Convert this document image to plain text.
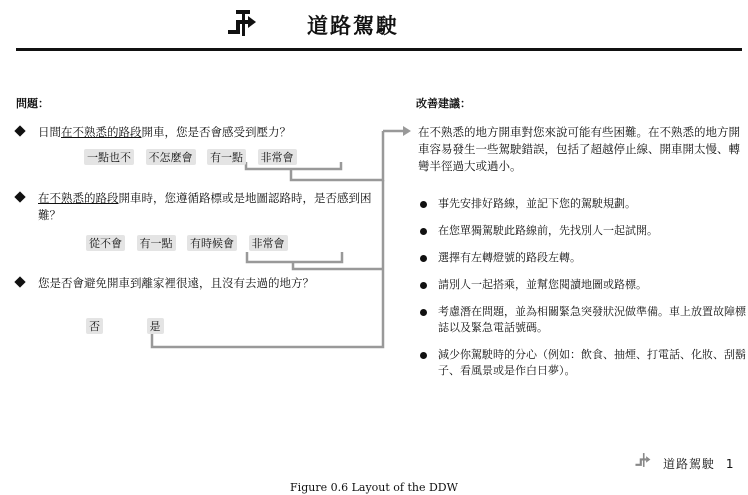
道路駕駛
問題：
日間在不熟悉的路段開車，您是否會感受到壓力？
一點也不 不怎麼會 有一點 非常會
在不熟悉的路段開車時，您遵循路標或是地圖認路時，是否感到困難？
從不會 有一點 有時候會 非常會
您是否會避免開車到離家裡很遠，且沒有去過的地方？
否	是
改善建議：
在不熟悉的地方開車對您來說可能有些困難。在不熟悉的地方開車容易發生一些駕駛錯誤，包括了超越停止線、開車開太慢、轉彎半徑過大或過小。
事先安排好路線，並記下您的駕駛規劃。
在您單獨駕駛此路線前，先找別人一起試開。
選擇有左轉燈號的路段左轉。
請別人一起搭乘，並幫您閱讀地圖或路標。
考慮潛在問題，並為相關緊急突發狀況做準備。車上放置故障標誌以及緊急電話號碼。
減少你駕駛時的分心（例如：飲食、抽煙、打電話、化妝、刮鬍子、看風景或是作白日夢）。
道路駕駛 1
Figure 0.6 Layout of the DDW
